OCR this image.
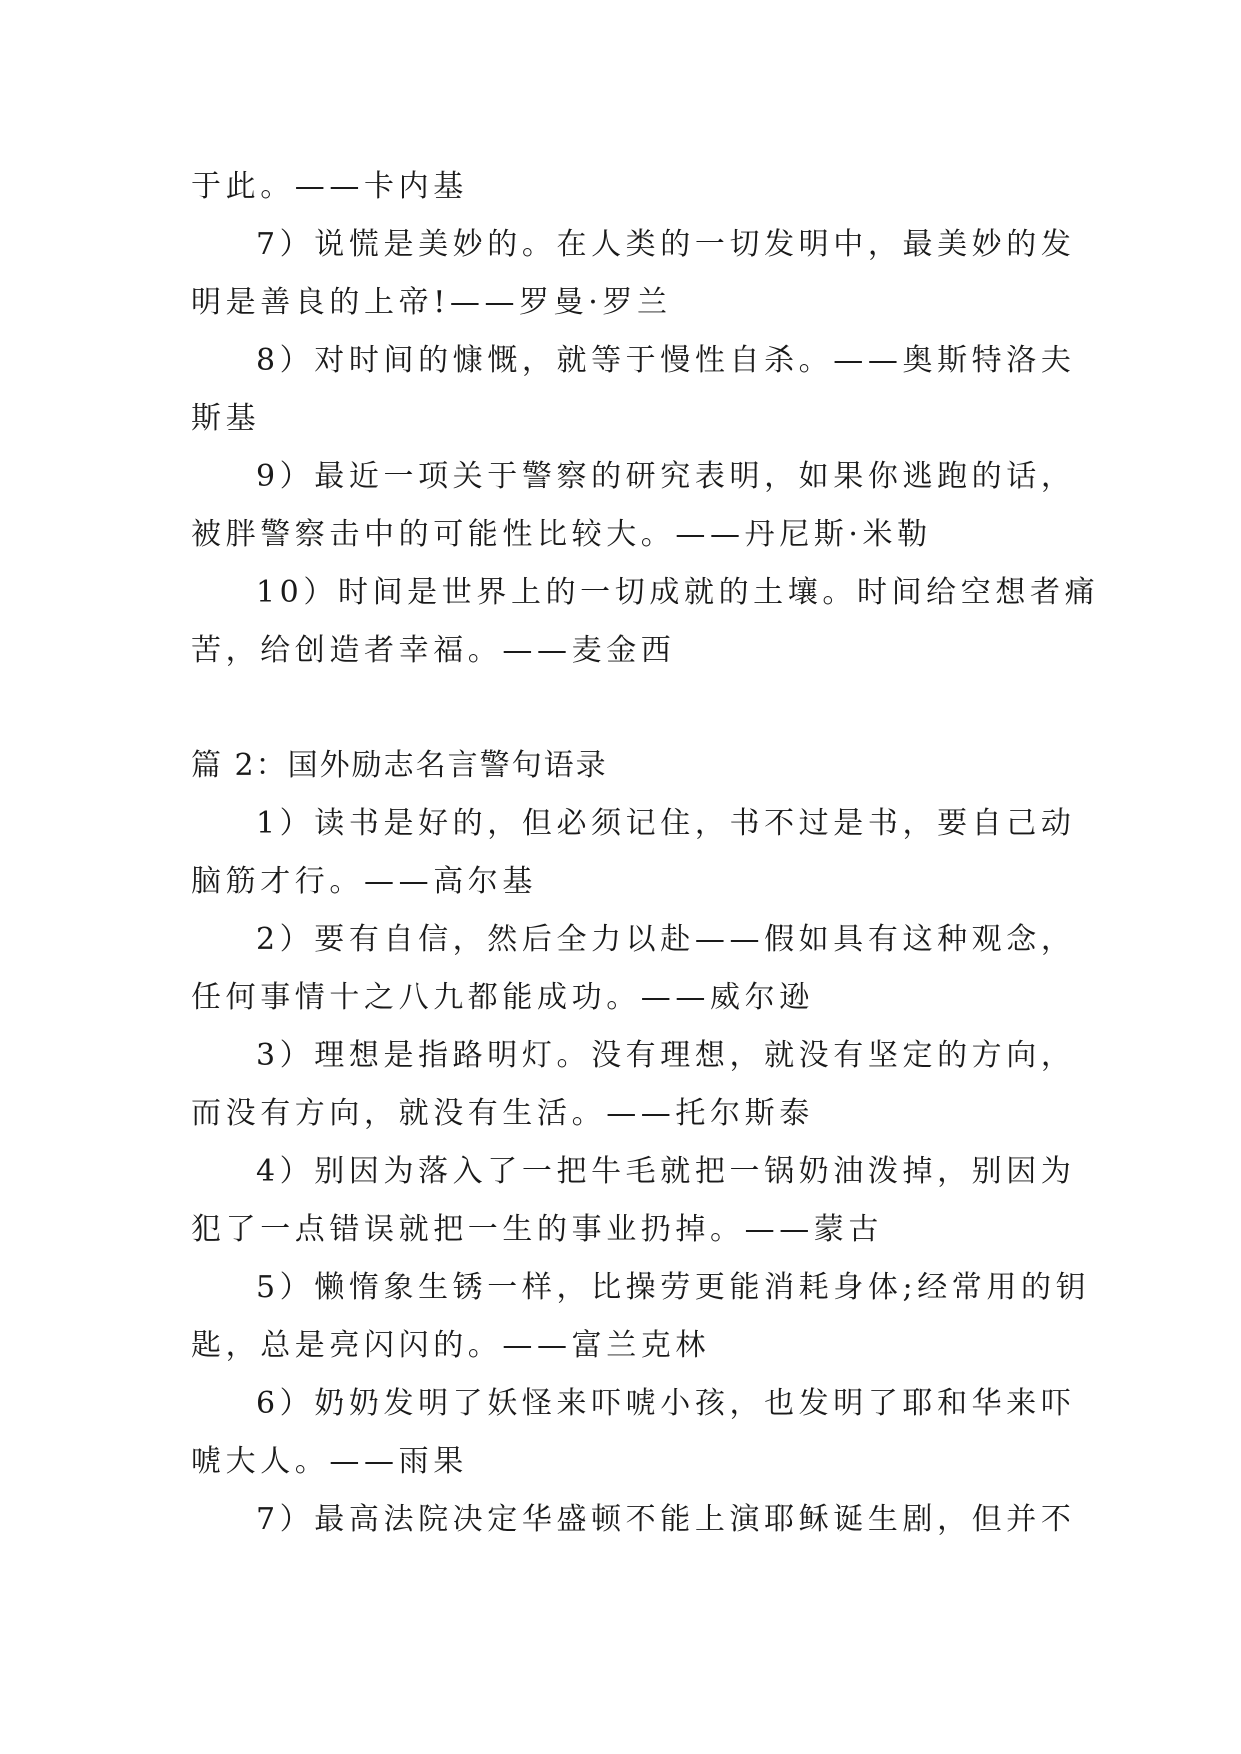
于此。——卡内基
7）说慌是美妙的。在人类的一切发明中，最美妙的发
明是善良的上帝!——罗曼·罗兰
8）对时间的慷慨，就等于慢性自杀。——奥斯特洛夫
斯基
9）最近一项关于警察的研究表明，如果你逃跑的话，
被胖警察击中的可能性比较大。——丹尼斯·米勒
10）时间是世界上的一切成就的土壤。时间给空想者痛
苦，给创造者幸福。——麦金西
篇 2：国外励志名言警句语录
1）读书是好的，但必须记住，书不过是书，要自己动
脑筋才行。——高尔基
2）要有自信，然后全力以赴——假如具有这种观念，
任何事情十之八九都能成功。——威尔逊
3）理想是指路明灯。没有理想，就没有坚定的方向，
而没有方向，就没有生活。——托尔斯泰
4）别因为落入了一把牛毛就把一锅奶油泼掉，别因为
犯了一点错误就把一生的事业扔掉。——蒙古
5）懒惰象生锈一样，比操劳更能消耗身体;经常用的钥
匙，总是亮闪闪的。——富兰克林
6）奶奶发明了妖怪来吓唬小孩，也发明了耶和华来吓
唬大人。——雨果
7）最高法院决定华盛顿不能上演耶稣诞生剧，但并不
